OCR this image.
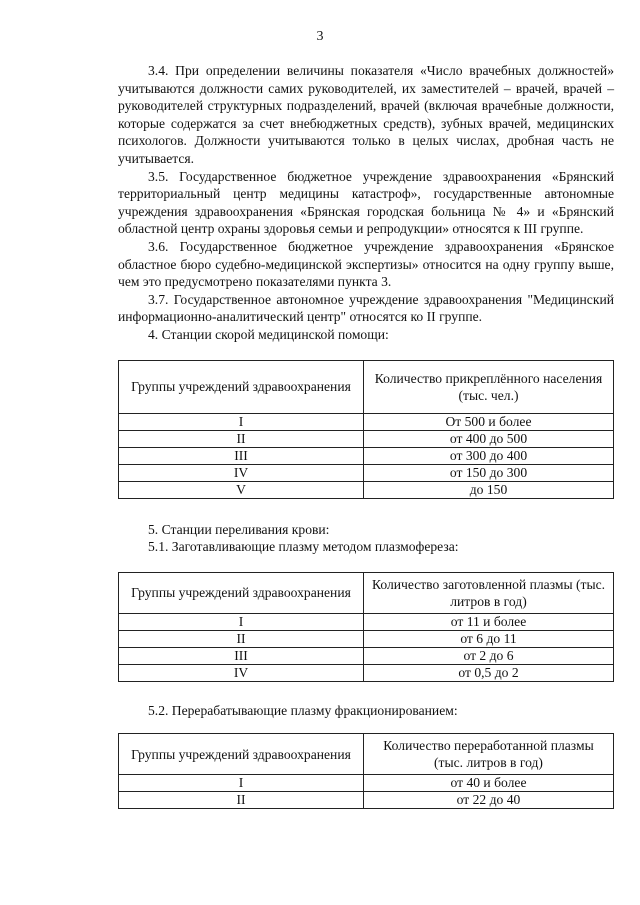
3

3.4. При определении величины показателя «Число врачебных должностей» учитываются должности самих руководителей, их заместителей – врачей, врачей – руководителей структурных подразделений, врачей (включая врачебные должности, которые содержатся за счет внебюджетных средств), зубных врачей, медицинских психологов. Должности учитываются только в целых числах, дробная часть не учитывается.

3.5. Государственное бюджетное учреждение здравоохранения «Брянский территориальный центр медицины катастроф», государственные автономные учреждения здравоохранения «Брянская городская больница № 4» и «Брянский областной центр охраны здоровья семьи и репродукции» относятся к III группе.

3.6. Государственное бюджетное учреждение здравоохранения «Брянское областное бюро судебно-медицинской экспертизы» относится на одну группу выше, чем это предусмотрено показателями пункта 3.

3.7. Государственное автономное учреждение здравоохранения "Медицинский информационно-аналитический центр" относятся ко II группе.

4. Станции скорой медицинской помощи:

Группы учреждений здравоохранения	Количество прикреплённого населения (тыс. чел.)
I	От 500 и более
II	от 400 до 500
III	от 300 до 400
IV	от 150 до 300
V	до 150

5. Станции переливания крови:

5.1. Заготавливающие плазму методом плазмофереза:

Группы учреждений здравоохранения	Количество заготовленной плазмы (тыс. литров в год)
I	от 11 и более
II	от 6 до 11
III	от 2 до 6
IV	от 0,5 до 2

5.2. Перерабатывающие плазму фракционированием:

Группы учреждений здравоохранения	Количество переработанной плазмы (тыс. литров в год)
I	от 40 и более
II	от 22 до 40
